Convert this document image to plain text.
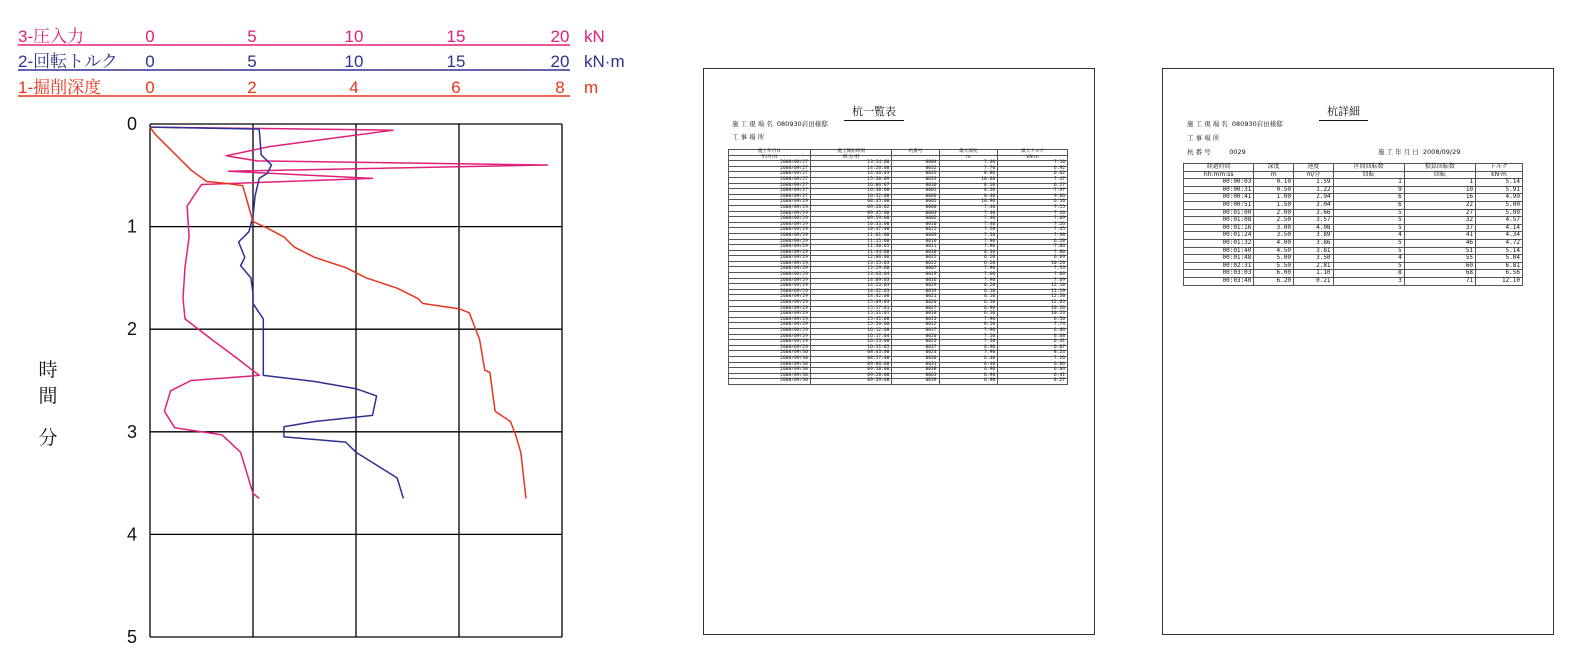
0
1
2
3
4
5
時
間
分
3-圧入力	0	5	10	15	20 kN
2-回転トルク 0	5	10	15	20 kN·m
1-掘削深度	0	2	4	6	8 m
杭一覧表
施 工 現 場 名 080930岩田様邸
工 事 場 所
施工年月日	施工開始時刻	杭番号	最大深度	最大トルク
年/月/日	時:分:秒		m	kN·m
2008/09/27	13:54:00	0004	7.40	7.10
2008/09/27	14:26:00	0032	7.70	6.92
2008/09/27	14:46:03	0035	8.00	6.62
2008/09/27	15:30:09	0033	10.60	7.47
2008/09/27	16:06:07	0036	8.10	6.27
2008/09/27	16:30:00	0001	8.50	7.97
2008/09/27	16:52:00	0006	8.40	9.66
2008/09/29	08:45:00	0005	10.90	6.16
2008/09/29	09:26:02	0008	7.40	7.15
2008/09/29	09:45:00	0003	7.40	7.26
2008/09/29	09:59:00	0002	7.40	7.69
2008/09/29	10:33:00	0010	7.40	7.26
2008/09/29	10:47:00	0015	7.50	7.45
2008/09/29	11:01:00	0009	7.50	7.98
2008/09/29	11:15:00	0016	7.90	6.28
2008/09/29	11:30:05	0011	7.90	7.66
2008/09/29	11:44:00	0030	8.30	7.80
2008/09/29	12:06:00	0025	6.20	6.69
2008/09/29	13:15:03	0022	6.20	10.26
2008/09/29	13:29:00	0007	7.90	7.53
2008/09/29	13:43:04	0019	7.60	7.66
2008/09/29	14:09:03	0016	7.90	7.69
2008/09/29	14:23:03	0029	6.20	12.10
2008/09/29	14:32:03	0019	6.10	11.19
2008/09/29	14:42:00	0021	6.10	12.20
2008/09/29	15:09:03	0020	6.10	12.63
2008/09/29	15:17:01	0027	6.90	10.26
2008/09/29	15:31:01	0018	6.10	10.23
2008/09/29	15:41:00	0013	7.90	6.56
2008/09/29	15:56:00	0012	8.10	7.74
2008/09/29	16:12:00	0017	7.90	6.66
2008/09/29	16:17:04	0020	7.10	6.68
2008/09/29	16:23:00	0023	7.50	6.41
2008/09/29	16:31:05	0037	6.90	6.87
2008/09/30	08:43:00	0024	7.90	8.24
2008/09/30	08:57:00	0030	6.40	7.26
2008/09/30	09:06:00	0031	6.40	6.86
2008/09/30	09:18:00	0038	6.90	6.84
2008/09/30	09:28:00	0063	6.90	6.41
2008/09/30	09:39:00	0039	6.90	8.27
杭詳細
施 工 現 場 名 080930岩田様邸
工 事 場 所
杭 番 号	0029	施 工 年 月 日 2008/09/29
経過時間	深度	速度	区間回転数	積算回転数	トルク
hh:mm:ss	m	m/分	回転	回転	kN·m
00:00:03	0.10	1.59	1	1	5.14
00:00:31	0.50	1.22	9	10	5.91
00:00:41	1.00	2.94	6	16	4.99
00:00:51	1.50	3.04	6	22	5.00
00:01:00	2.00	3.66	5	27	5.09
00:01:08	2.50	3.57	5	32	4.57
00:01:16	3.00	4.08	5	37	4.14
00:01:24	3.50	3.89	4	41	4.34
00:01:32	4.00	3.86	5	46	4.72
00:01:40	4.50	3.81	5	51	5.14
00:01:48	5.00	3.50	4	55	5.04
00:02:31	5.50	2.81	5	60	6.81
00:03:03	6.00	1.10	8	68	6.56
00:03:40	6.20	0.21	3	71	12.10
